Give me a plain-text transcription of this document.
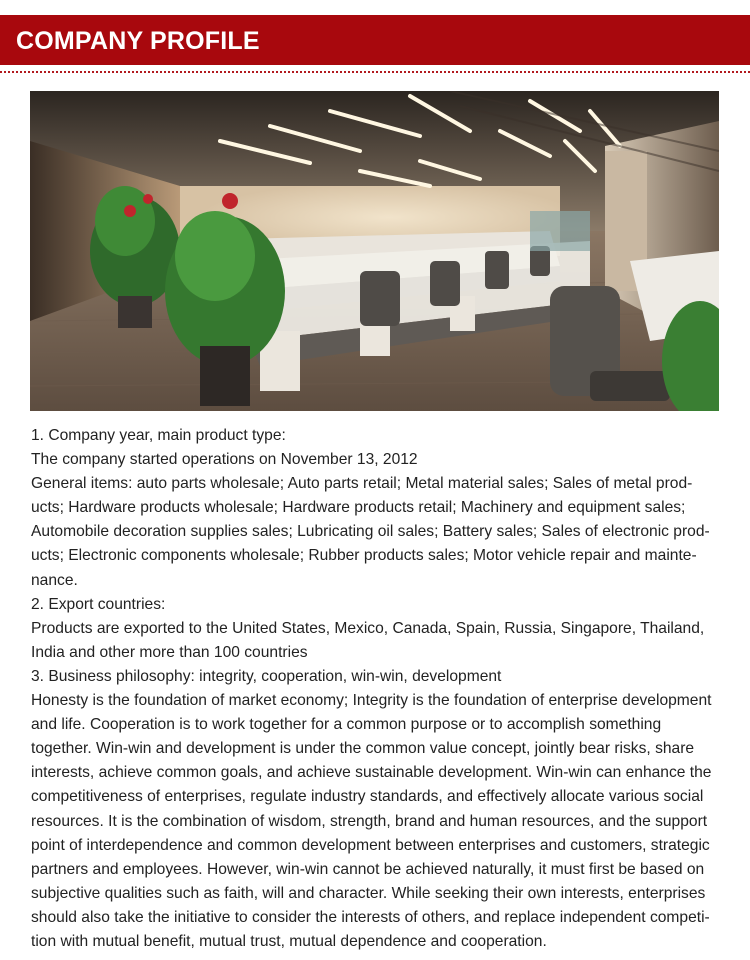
COMPANY PROFILE

1. Company year, main product type:

The company started operations on November 13, 2012

General items: auto parts wholesale; Auto parts retail; Metal material sales; Sales of metal prod-
ucts; Hardware products wholesale; Hardware products retail; Machinery and equipment sales;
Automobile decoration supplies sales; Lubricating oil sales; Battery sales; Sales of electronic prod-
ucts; Electronic components wholesale; Rubber products sales; Motor vehicle repair and mainte-
nance.

2. Export countries:

Products are exported to the United States, Mexico, Canada, Spain, Russia, Singapore, Thailand,
India and other more than 100 countries

3. Business philosophy: integrity, cooperation, win-win, development

Honesty is the foundation of market economy; Integrity is the foundation of enterprise development
and life. Cooperation is to work together for a common purpose or to accomplish something
together. Win-win and development is under the common value concept, jointly bear risks, share
interests, achieve common goals, and achieve sustainable development. Win-win can enhance the
competitiveness of enterprises, regulate industry standards, and effectively allocate various social
resources. It is the combination of wisdom, strength, brand and human resources, and the support
point of interdependence and common development between enterprises and customers, strategic
partners and employees. However, win-win cannot be achieved naturally, it must first be based on
subjective qualities such as faith, will and character. While seeking their own interests, enterprises
should also take the initiative to consider the interests of others, and replace independent competi-
tion with mutual benefit, mutual trust, mutual dependence and cooperation.
